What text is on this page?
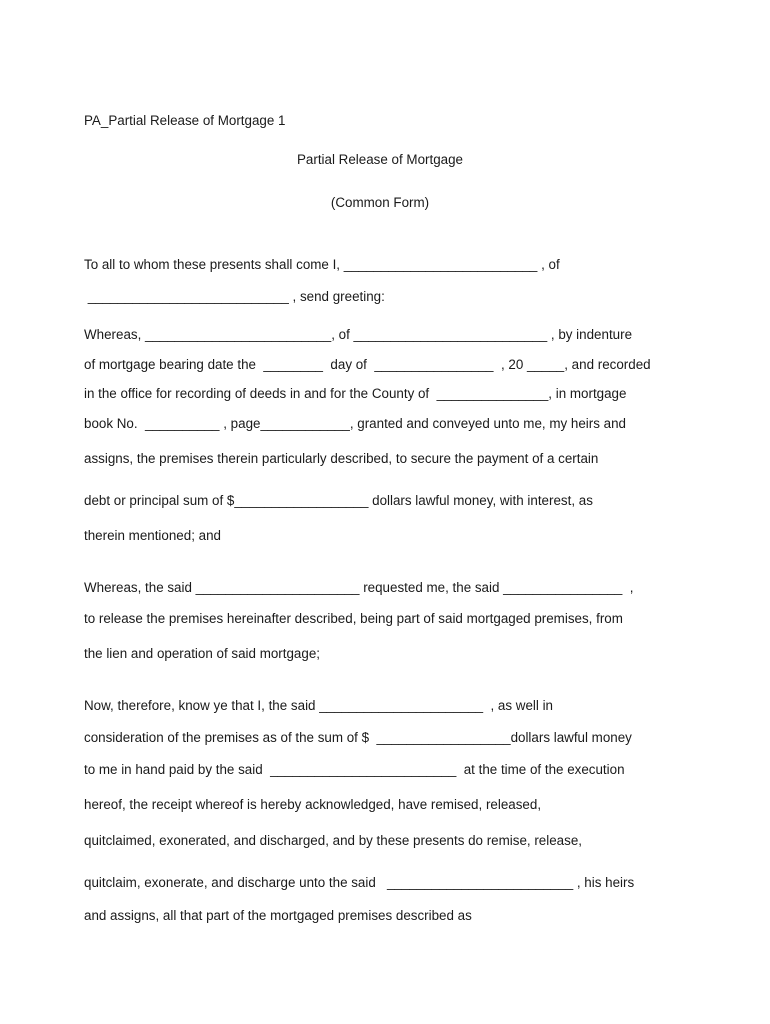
PA_Partial Release of Mortgage 1
Partial Release of Mortgage
(Common Form)
To all to whom these presents shall come I, __________________________ , of
___________________________ , send greeting:
Whereas, _________________________, of __________________________ , by indenture
of mortgage bearing date the  ________  day of  ________________  , 20 _____, and recorded
in the office for recording of deeds in and for the County of  _______________, in mortgage
book No.  __________ , page____________, granted and conveyed unto me, my heirs and
assigns, the premises therein particularly described, to secure the payment of a certain
debt or principal sum of $__________________ dollars lawful money, with interest, as
therein mentioned; and
Whereas, the said ______________________ requested me, the said ________________  ,
to release the premises hereinafter described, being part of said mortgaged premises, from
the lien and operation of said mortgage;
Now, therefore, know ye that I, the said ______________________  , as well in
consideration of the premises as of the sum of $  __________________dollars lawful money
to me in hand paid by the said  _________________________  at the time of the execution
hereof, the receipt whereof is hereby acknowledged, have remised, released,
quitclaimed, exonerated, and discharged, and by these presents do remise, release,
quitclaim, exonerate, and discharge unto the said   _________________________ , his heirs
and assigns, all that part of the mortgaged premises described as
